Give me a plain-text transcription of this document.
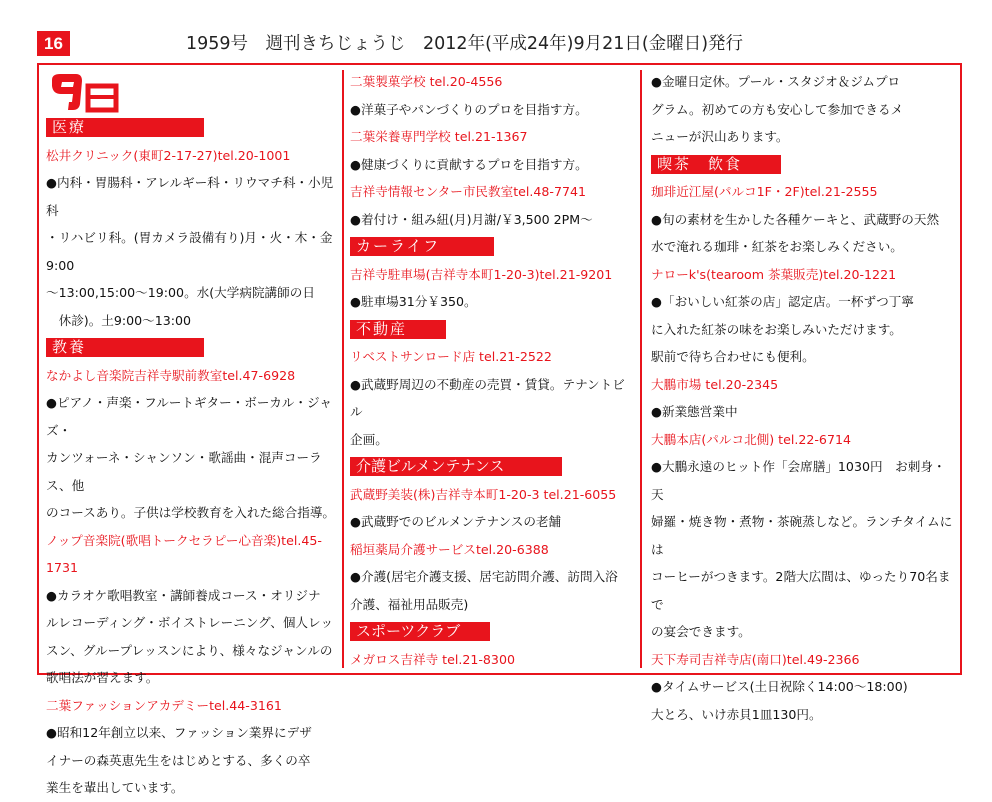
16	1959号　週刊きちじょうじ　2012年(平成24年)9月21日(金曜日)発行
医療

松井クリニック(東町2-17-27)tel.20-1001

●内科・胃腸科・アレルギー科・リウマチ科・小児科

・リハビリ科。(胃カメラ設備有り)月・火・木・金9:00

～13:00,15:00～19:00。水(大学病院講師の日

　休診)。土9:00～13:00

教養

なかよし音楽院吉祥寺駅前教室tel.47-6928

●ピアノ・声楽・フルートギター・ボーカル・ジャズ・

カンツォーネ・シャンソン・歌謡曲・混声コーラス、他

のコースあり。子供は学校教育を入れた総合指導。

ノップ音楽院(歌唱トークセラピー心音楽)tel.45-1731

●カラオケ歌唱教室・講師養成コース・オリジナ

ルレコーディング・ボイストレーニング、個人レッ

スン、グループレッスンにより、様々なジャンルの

歌唱法が習えます。

二葉ファッションアカデミーtel.44-3161

●昭和12年創立以来、ファッション業界にデザ

イナーの森英恵先生をはじめとする、多くの卒

業生を輩出しています。

二葉製菓学校 tel.20-4556

●洋菓子やパンづくりのプロを目指す方。

二葉栄養専門学校 tel.21-1367

●健康づくりに貢献するプロを目指す方。

吉祥寺情報センター市民教室tel.48-7741

●着付け・組み紐(月)月謝/￥3,500 2PM～

カーライフ

吉祥寺駐車場(吉祥寺本町1-20-3)tel.21-9201

●駐車場31分￥350。

不動産

リベストサンロード店 tel.21-2522

●武蔵野周辺の不動産の売買・賃貸。テナントビル

企画。

介護ビルメンテナンス

武蔵野美装(株)吉祥寺本町1-20-3 tel.21-6055

●武蔵野でのビルメンテナンスの老舗

稲垣薬局介護サービスtel.20-6388

●介護(居宅介護支援、居宅訪問介護、訪問入浴

介護、福祉用品販売)

スポーツクラブ

メガロス吉祥寺 tel.21-8300

●金曜日定休。プール・スタジオ＆ジムプロ

グラム。初めての方も安心して参加できるメ

ニューが沢山あります。

喫茶　飲食

珈琲近江屋(パルコ1F・2F)tel.21-2555

●旬の素材を生かした各種ケーキと、武蔵野の天然

水で淹れる珈琲・紅茶をお楽しみください。

ナローk's(tearoom 茶葉販売)tel.20-1221

●「おいしい紅茶の店」認定店。一杯ずつ丁寧

に入れた紅茶の味をお楽しみいただけます。

駅前で待ち合わせにも便利。

大鵬市場 tel.20-2345

●新業態営業中

大鵬本店(パルコ北側) tel.22-6714

●大鵬永遠のヒット作「会席膳」1030円　お刺身・天

婦羅・焼き物・煮物・茶碗蒸しなど。ランチタイムには

コーヒーがつきます。2階大広間は、ゆったり70名まで

の宴会できます。

天下寿司吉祥寺店(南口)tel.49-2366

●タイムサービス(土日祝除く14:00～18:00)

大とろ、いけ赤貝1皿130円。
